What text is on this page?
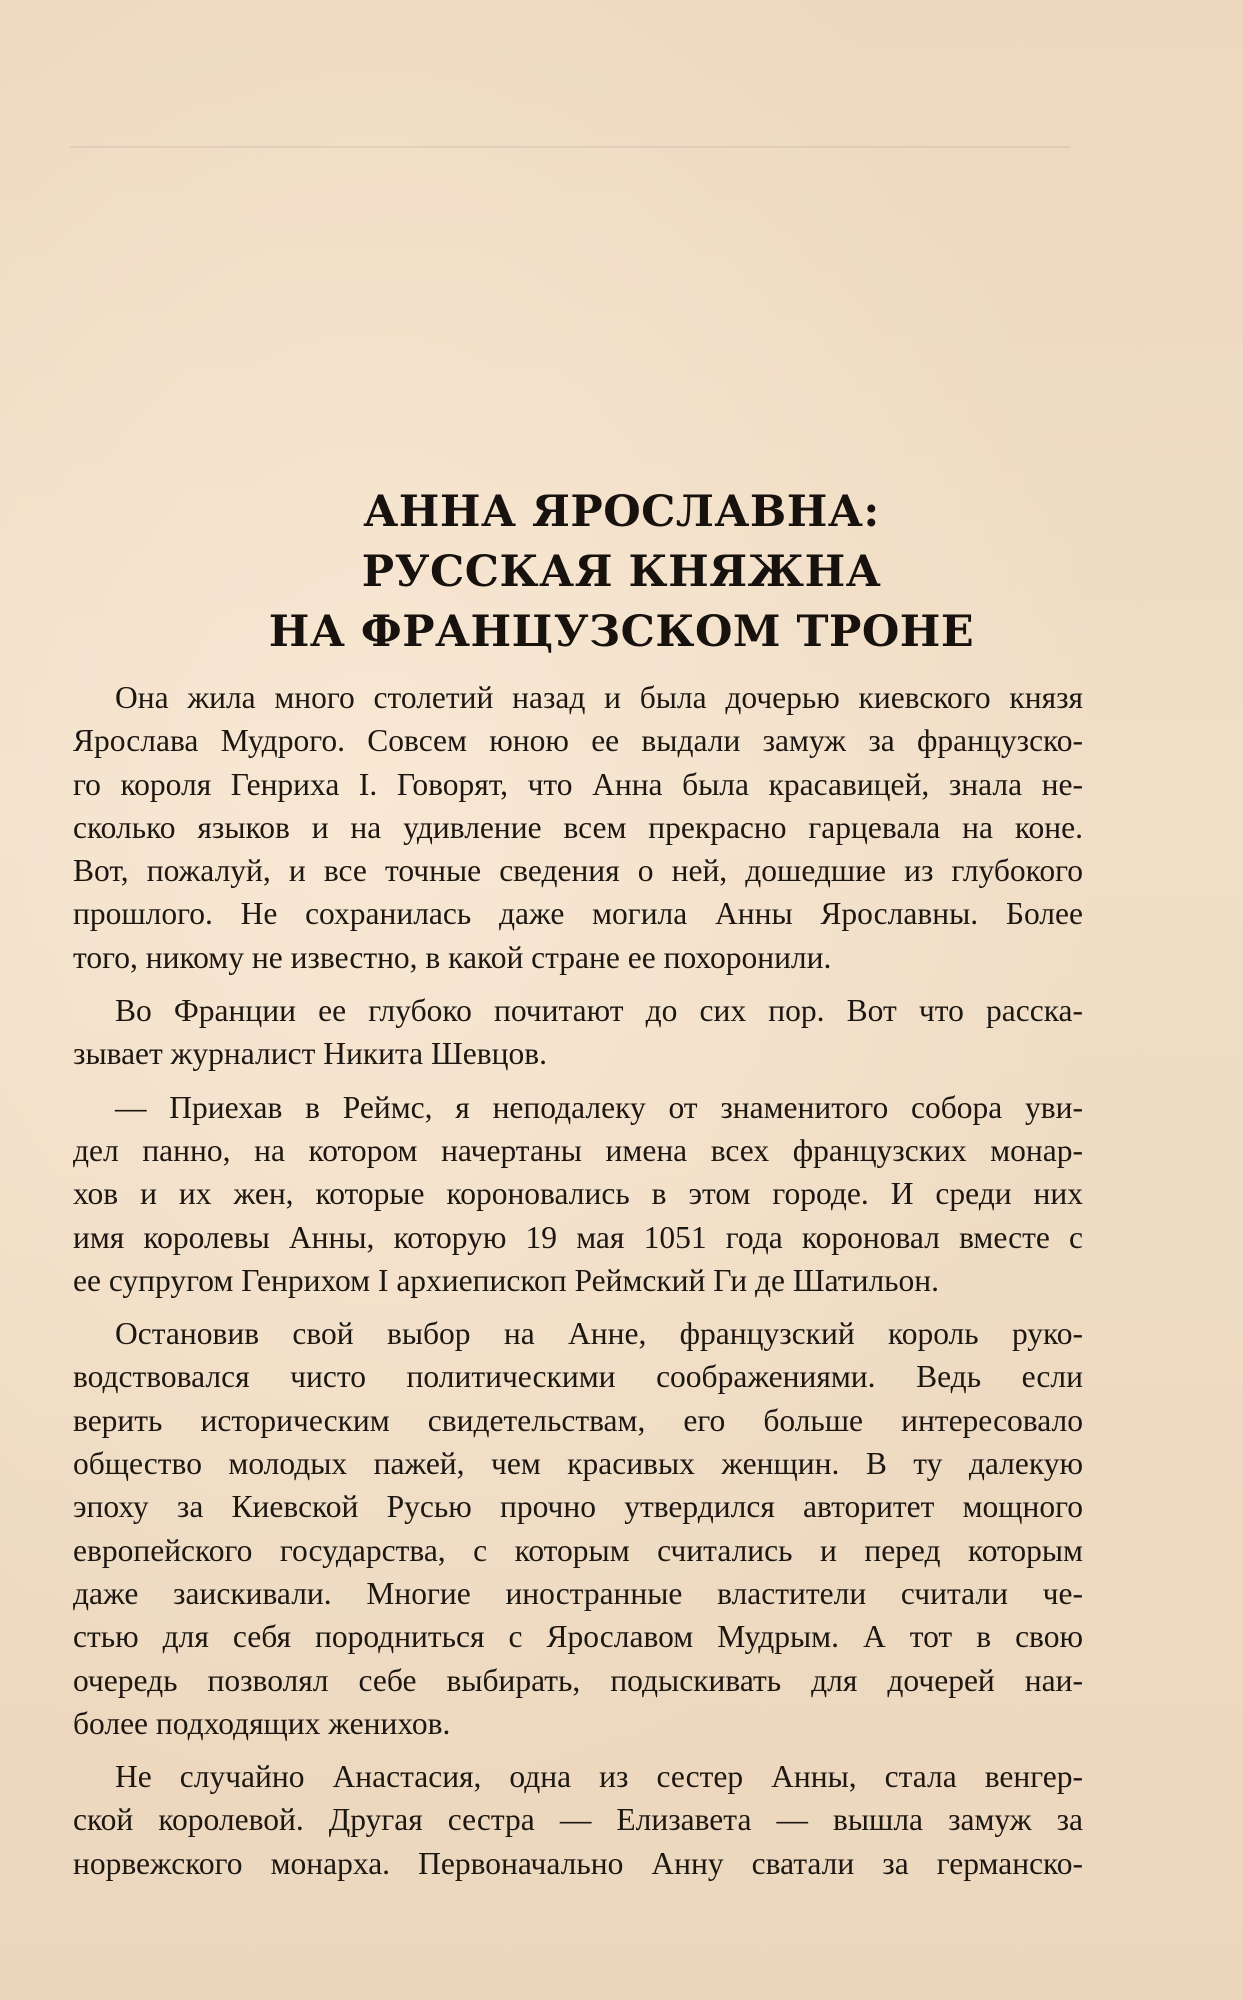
АННА ЯРОСЛАВНА:
РУССКАЯ КНЯЖНА
НА ФРАНЦУЗСКОМ ТРОНЕ
Она жила много столетий назад и была дочерью киевского князя
Ярослава Мудрого. Совсем юною ее выдали замуж за французско-
го короля Генриха I. Говорят, что Анна была красавицей, знала не-
сколько языков и на удивление всем прекрасно гарцевала на коне.
Вот, пожалуй, и все точные сведения о ней, дошедшие из глубокого
прошлого. Не сохранилась даже могила Анны Ярославны. Более
того, никому не известно, в какой стране ее похоронили.
Во Франции ее глубоко почитают до сих пор. Вот что расска-
зывает журналист Никита Шевцов.
— Приехав в Реймс, я неподалеку от знаменитого собора уви-
дел панно, на котором начертаны имена всех французских монар-
хов и их жен, которые короновались в этом городе. И среди них
имя королевы Анны, которую 19 мая 1051 года короновал вместе с
ее супругом Генрихом I архиепископ Реймский Ги де Шатильон.
Остановив свой выбор на Анне, французский король руко-
водствовался чисто политическими соображениями. Ведь если
верить историческим свидетельствам, его больше интересовало
общество молодых пажей, чем красивых женщин. В ту далекую
эпоху за Киевской Русью прочно утвердился авторитет мощного
европейского государства, с которым считались и перед которым
даже заискивали. Многие иностранные властители считали че-
стью для себя породниться с Ярославом Мудрым. А тот в свою
очередь позволял себе выбирать, подыскивать для дочерей наи-
более подходящих женихов.
Не случайно Анастасия, одна из сестер Анны, стала венгер-
ской королевой. Другая сестра — Елизавета — вышла замуж за
норвежского монарха. Первоначально Анну сватали за германско-
